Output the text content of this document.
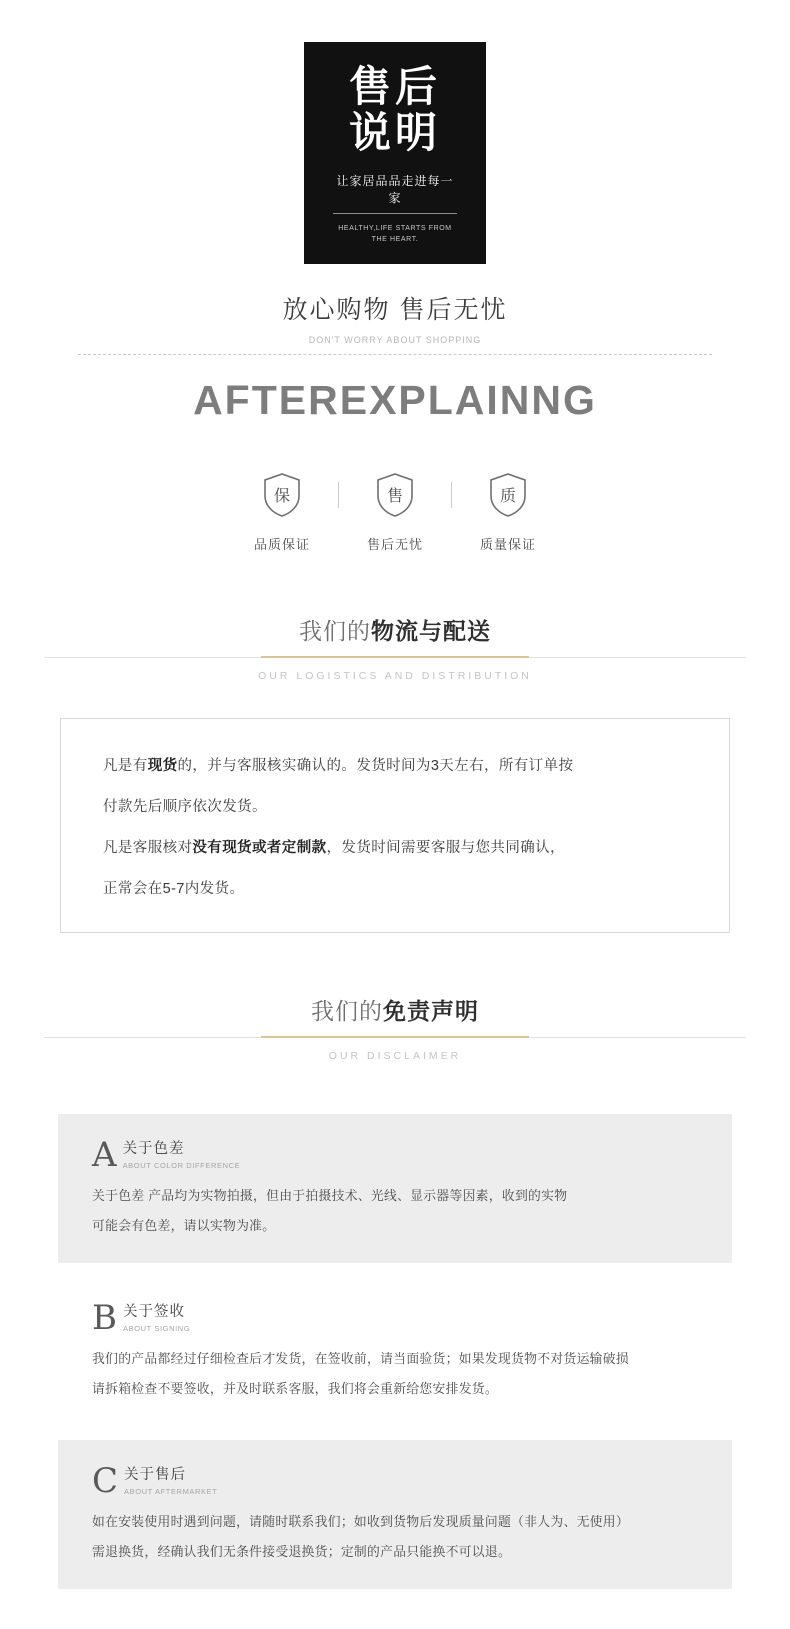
售后
说明
让家居品品走进每一家
HEALTHY,LIFE STARTS FROM THE HEART.
放心购物 售后无忧
DON'T WORRY ABOUT SHOPPING
AFTEREXPLAINNG
保
品质保证
售
售后无忧
质
质量保证
我们的物流与配送
OUR LOGISTICS AND DISTRIBUTION

凡是有现货的，并与客服核实确认的。发货时间为3天左右，所有订单按

付款先后顺序依次发货。

凡是客服核对没有现货或者定制款，发货时间需要客服与您共同确认，

正常会在5-7内发货。

我们的免责声明
OUR DISCLAIMER
A 关于色差
ABOUT COLOR DIFFERENCE

关于色差 产品均为实物拍摄，但由于拍摄技术、光线、显示器等因素，收到的实物

可能会有色差，请以实物为准。

B 关于签收
ABOUT SIGNING

我们的产品都经过仔细检查后才发货，在签收前，请当面验货；如果发现货物不对货运输破损

请拆箱检查不要签收，并及时联系客服，我们将会重新给您安排发货。

C 关于售后
ABOUT AFTERMARKET

如在安装使用时遇到问题，请随时联系我们；如收到货物后发现质量问题（非人为、无使用）

需退换货，经确认我们无条件接受退换货；定制的产品只能换不可以退。
